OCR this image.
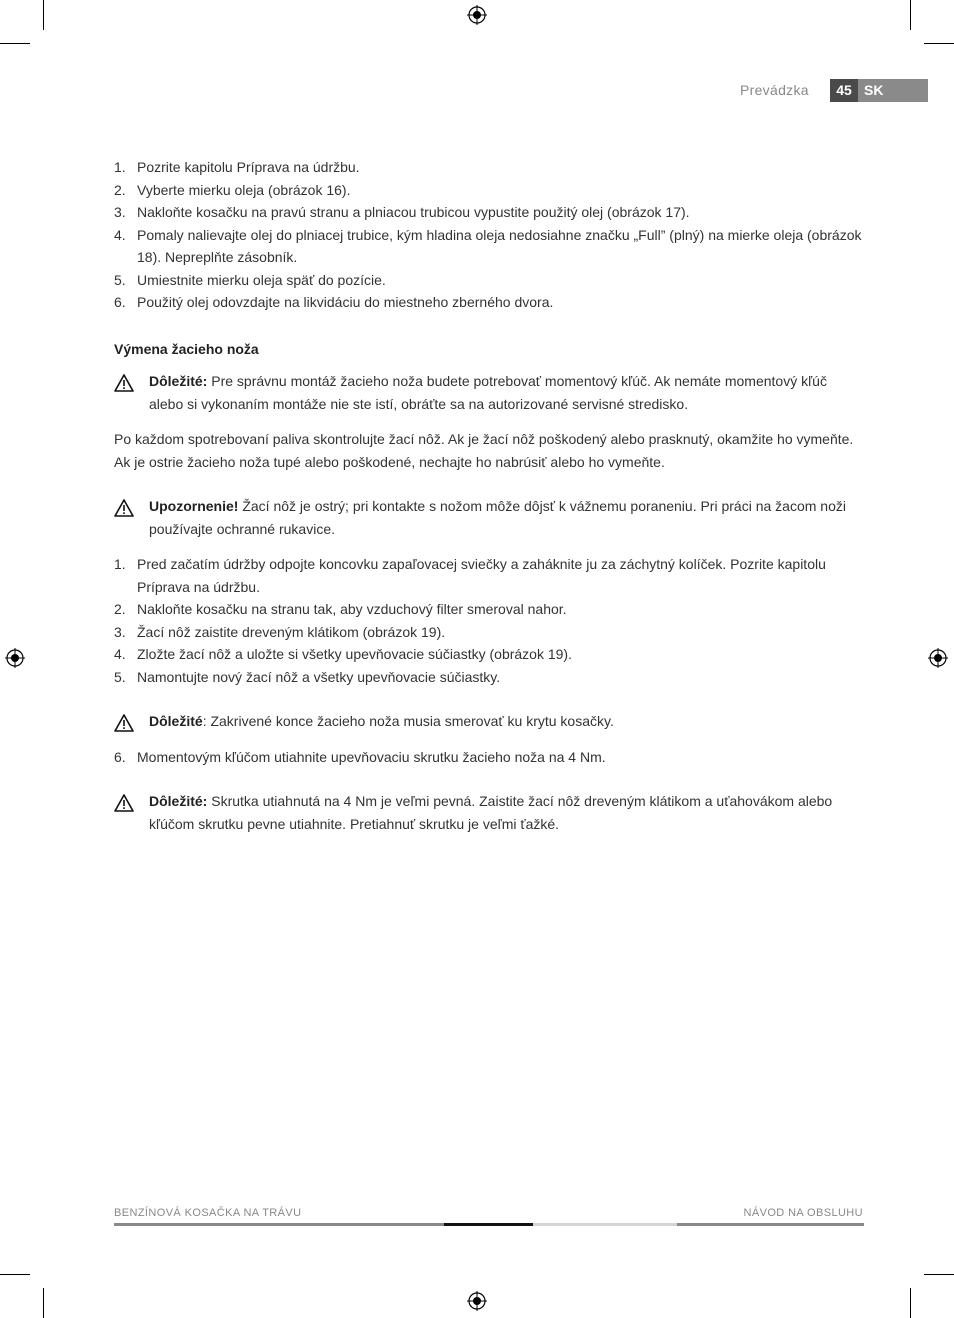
Prevádzka	45 SK
1. Pozrite kapitolu Príprava na údržbu.
2. Vyberte mierku oleja (obrázok 16).
3. Nakloňte kosačku na pravú stranu a plniacou trubicou vypustite použitý olej (obrázok 17).
4. Pomaly nalievajte olej do plniacej trubice, kým hladina oleja nedosiahne značku „Full” (plný) na mierke oleja (obrázok 18). Nepreplňte zásobník.
5. Umiestnite mierku oleja späť do pozície.
6. Použitý olej odovzdajte na likvidáciu do miestneho zberného dvora.
Výmena žacieho noža
Dôležité: Pre správnu montáž žacieho noža budete potrebovať momentový kľúč. Ak nemáte momentový kľúč alebo si vykonaním montáže nie ste istí, obráťte sa na autorizované servisné stredisko.
Po každom spotrebovaní paliva skontrolujte žací nôž. Ak je žací nôž poškodený alebo prasknutý, okamžite ho vymeňte. Ak je ostrie žacieho noža tupé alebo poškodené, nechajte ho nabrúsiť alebo ho vymeňte.
Upozornenie! Žací nôž je ostrý; pri kontakte s nožom môže dôjsť k vážnemu poraneniu. Pri práci na žacom noži používajte ochranné rukavice.
1. Pred začatím údržby odpojte koncovku zapaľovacej sviečky a zaháknite ju za záchytný kolíček. Pozrite kapitolu Príprava na údržbu.
2. Nakloňte kosačku na stranu tak, aby vzduchový filter smeroval nahor.
3. Žací nôž zaistite dreveným klátikom (obrázok 19).
4. Zložte žací nôž a uložte si všetky upevňovacie súčiastky (obrázok 19).
5. Namontujte nový žací nôž a všetky upevňovacie súčiastky.
Dôležité: Zakrivené konce žacieho noža musia smerovať ku krytu kosačky.
6. Momentovým kľúčom utiahnite upevňovaciu skrutku žacieho noža na 4 Nm.
Dôležité: Skrutka utiahnutá na 4 Nm je veľmi pevná. Zaistite žací nôž dreveným klátikom a uťahovákom alebo kľúčom skrutku pevne utiahnite. Pretiahnuť skrutku je veľmi ťažké.
BENZÍNOVÁ KOSAČKA NA TRÁVU	NÁVOD NA OBSLUHU
